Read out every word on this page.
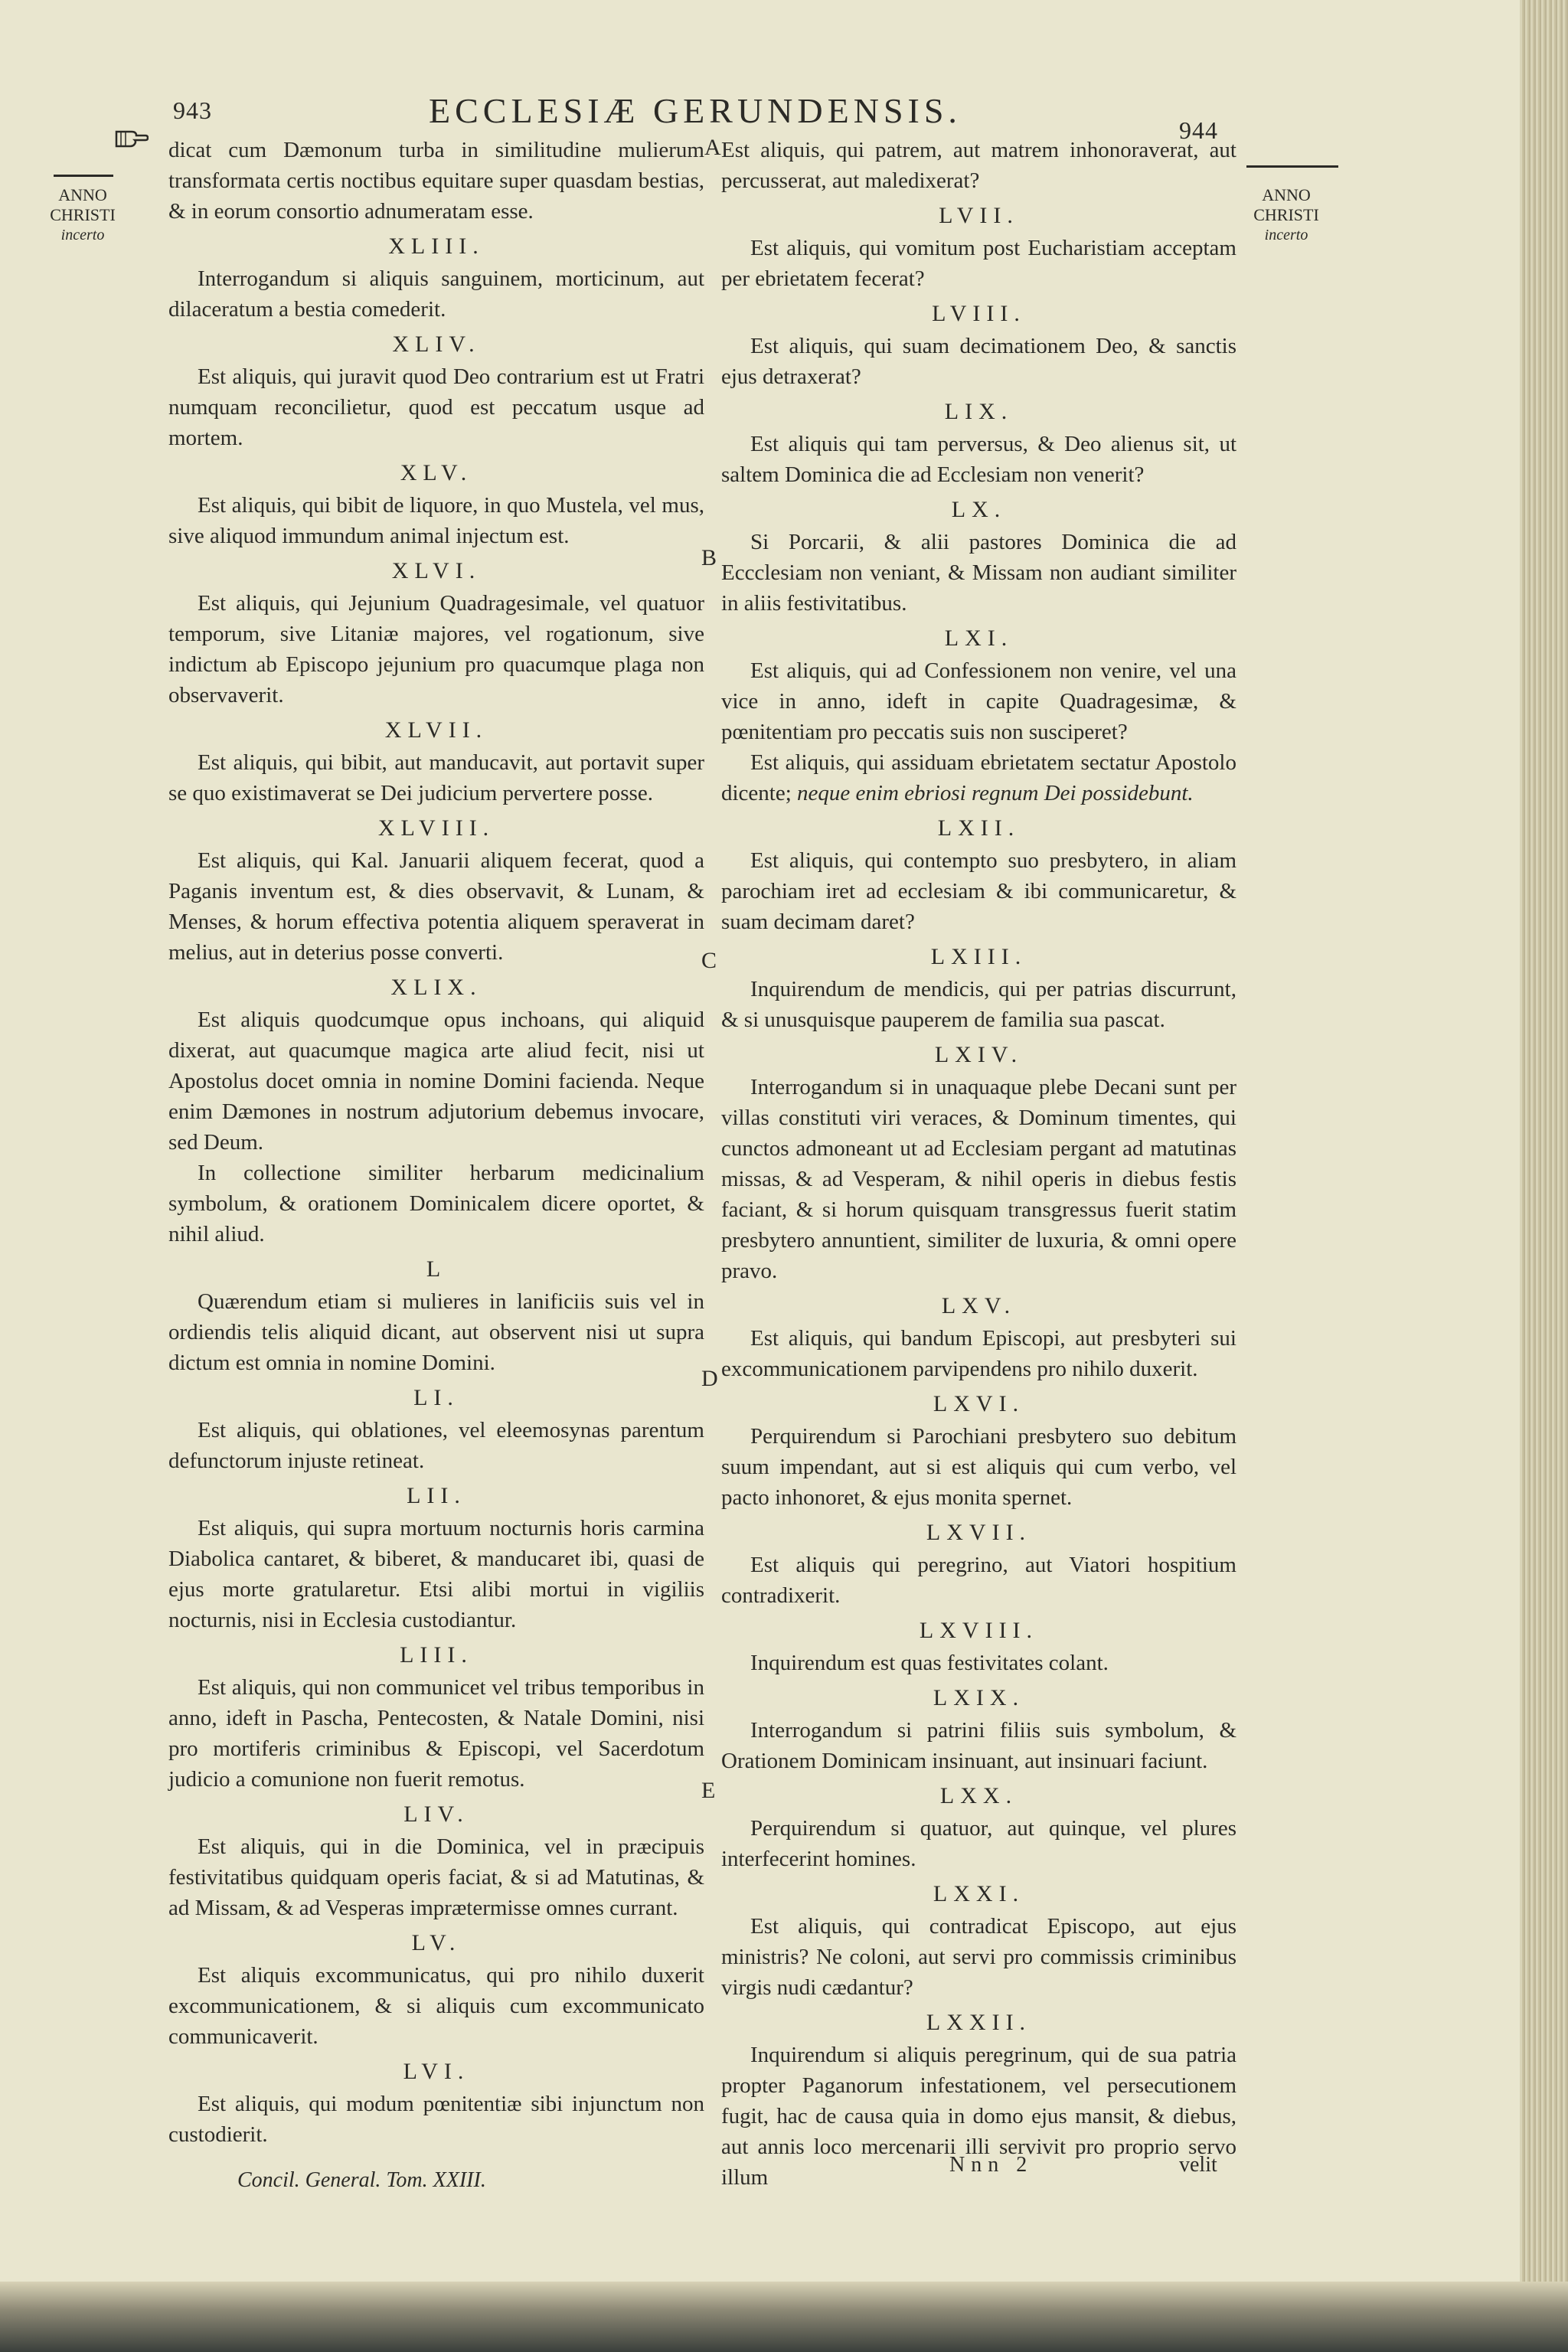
943	ECCLESIÆ GERUNDENSIS.	944
ANNO
CHRISTI
incerto
ANNO
CHRISTI
incerto
dicat cum Dæmonum turba in similitudine mulierum transformata certis noctibus equitare super quasdam bestias, & in eorum consortio adnumeratam esse.
XLIII.
Interrogandum si aliquis sanguinem, morticinum, aut dilaceratum a bestia comederit.
XLIV.
Est aliquis, qui juravit quod Deo contrarium est ut Fratri numquam reconcilietur, quod est peccatum usque ad mortem.
XLV.
Est aliquis, qui bibit de liquore, in quo Mustela, vel mus, sive aliquod immundum animal injectum est.
XLVI.
Est aliquis, qui Jejunium Quadragesimale, vel quatuor temporum, sive Litaniæ majores, vel rogationum, sive indictum ab Episcopo jejunium pro quacumque plaga non observaverit.
XLVII.
Est aliquis, qui bibit, aut manducavit, aut portavit super se quo existimaverat se Dei judicium pervertere posse.
XLVIII.
Est aliquis, qui Kal. Januarii aliquem fecerat, quod a Paganis inventum est, & dies observavit, & Lunam, & Menses, & horum effectiva potentia aliquem speraverat in melius, aut in deterius posse converti.
XLIX.
Est aliquis quodcumque opus inchoans, qui aliquid dixerat, aut quacumque magica arte aliud fecit, nisi ut Apostolus docet omnia in nomine Domini facienda. Neque enim Dæmones in nostrum adjutorium debemus invocare, sed Deum.
In collectione similiter herbarum medicinalium symbolum, & orationem Dominicalem dicere oportet, & nihil aliud.
L
Quærendum etiam si mulieres in lanificiis suis vel in ordiendis telis aliquid dicant, aut observent nisi ut supra dictum est omnia in nomine Domini.
LI.
Est aliquis, qui oblationes, vel eleemosynas parentum defunctorum injuste retineat.
LII.
Est aliquis, qui supra mortuum nocturnis horis carmina Diabolica cantaret, & biberet, & manducaret ibi, quasi de ejus morte gratularetur. Etsi alibi mortui in vigiliis nocturnis, nisi in Ecclesia custodiantur.
LIII.
Est aliquis, qui non communicet vel tribus temporibus in anno, ideft in Pascha, Pentecosten, & Natale Domini, nisi pro mortiferis criminibus & Episcopi, vel Sacerdotum judicio a comunione non fuerit remotus.
LIV.
Est aliquis, qui in die Dominica, vel in præcipuis festivitatibus quidquam operis faciat, & si ad Matutinas, & ad Missam, & ad Vesperas imprætermisse omnes currant.
LV.
Est aliquis excommunicatus, qui pro nihilo duxerit excommunicationem, & si aliquis cum excommunicato communicaverit.
LVI.
Est aliquis, qui modum pœnitentiæ sibi injunctum non custodierit.
Est aliquis, qui patrem, aut matrem inhonoraverat, aut percusserat, aut maledixerat?
LVII.
Est aliquis, qui vomitum post Eucharistiam acceptam per ebrietatem fecerat?
LVIII.
Est aliquis, qui suam decimationem Deo, & sanctis ejus detraxerat?
LIX.
Est aliquis qui tam perversus, & Deo alienus sit, ut saltem Dominica die ad Ecclesiam non venerit?
LX.
Si Porcarii, & alii pastores Dominica die ad Eccclesiam non veniant, & Missam non audiant similiter in aliis festivitatibus.
LXI.
Est aliquis, qui ad Confessionem non venire, vel una vice in anno, ideft in capite Quadragesimæ, & pœnitentiam pro peccatis suis non susciperet?
Est aliquis, qui assiduam ebrietatem sectatur Apostolo dicente; neque enim ebriosi regnum Dei possidebunt.
LXII.
Est aliquis, qui contempto suo presbytero, in aliam parochiam iret ad ecclesiam & ibi communicaretur, & suam decimam daret?
LXIII.
Inquirendum de mendicis, qui per patrias discurrunt, & si unusquisque pauperem de familia sua pascat.
LXIV.
Interrogandum si in unaquaque plebe Decani sunt per villas constituti viri veraces, & Dominum timentes, qui cunctos admoneant ut ad Ecclesiam pergant ad matutinas missas, & ad Vesperam, & nihil operis in diebus festis faciant, & si horum quisquam transgressus fuerit statim presbytero annuntient, similiter de luxuria, & omni opere pravo.
LXV.
Est aliquis, qui bandum Episcopi, aut presbyteri sui excommunicationem parvipendens pro nihilo duxerit.
LXVI.
Perquirendum si Parochiani presbytero suo debitum suum impendant, aut si est aliquis qui cum verbo, vel pacto inhonoret, & ejus monita spernet.
LXVII.
Est aliquis qui peregrino, aut Viatori hospitium contradixerit.
LXVIII.
Inquirendum est quas festivitates colant.
LXIX.
Interrogandum si patrini filiis suis symbolum, & Orationem Dominicam insinuant, aut insinuari faciunt.
LXX.
Perquirendum si quatuor, aut quinque, vel plures interfecerint homines.
LXXI.
Est aliquis, qui contradicat Episcopo, aut ejus ministris? Ne coloni, aut servi pro commissis criminibus virgis nudi cædantur?
LXXII.
Inquirendum si aliquis peregrinum, qui de sua patria propter Paganorum infestationem, vel persecutionem fugit, hac de causa quia in domo ejus mansit, & diebus, aut annis loco mercenarii illi servivit pro proprio servo illum
A
B
C
D
E
Concil. General. Tom. XXIII.
Nnn 2	velit
